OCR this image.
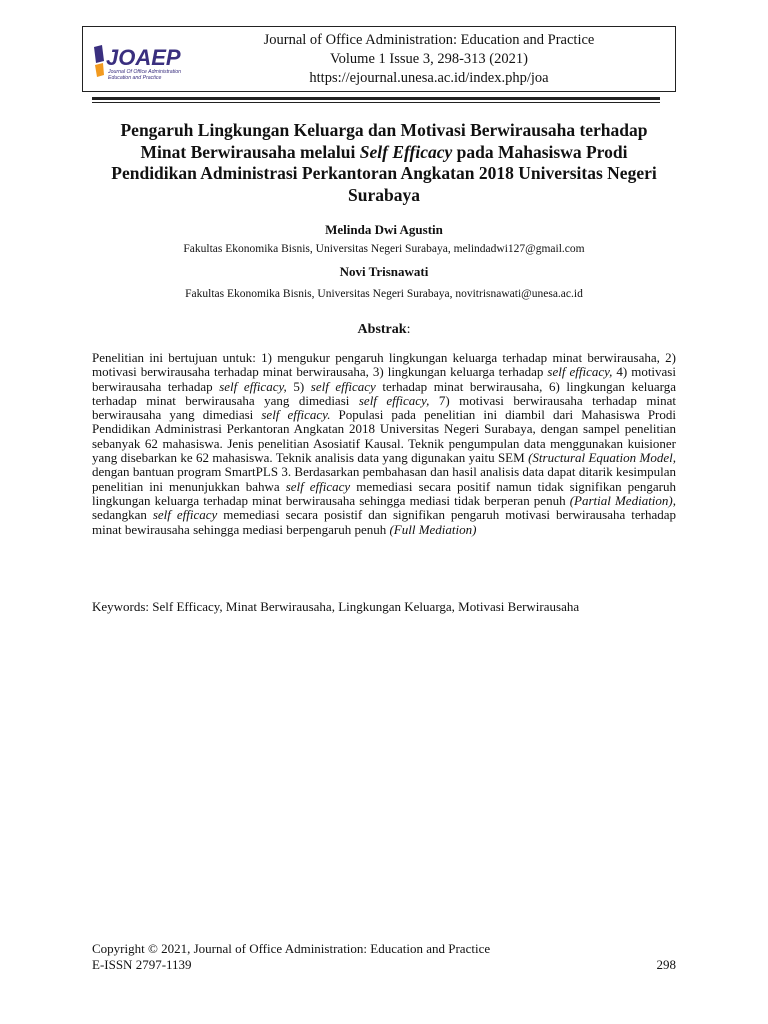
JOAEP
Journal Of Office Administration
Education and Practice
Journal of Office Administration: Education and Practice
Volume 1 Issue 3, 298-313 (2021)
https://ejournal.unesa.ac.id/index.php/joa
Pengaruh Lingkungan Keluarga dan Motivasi Berwirausaha terhadap Minat Berwirausaha melalui Self Efficacy pada Mahasiswa Prodi Pendidikan Administrasi Perkantoran Angkatan 2018 Universitas Negeri Surabaya
Melinda Dwi Agustin
Fakultas Ekonomika Bisnis, Universitas Negeri Surabaya, melindadwi127@gmail.com
Novi Trisnawati
Fakultas Ekonomika Bisnis, Universitas Negeri Surabaya, novitrisnawati@unesa.ac.id
Abstrak:
Penelitian ini bertujuan untuk: 1) mengukur pengaruh lingkungan keluarga terhadap minat berwirausaha, 2) motivasi berwirausaha terhadap minat berwirausaha, 3) lingkungan keluarga terhadap self efficacy, 4) motivasi berwirausaha terhadap self efficacy, 5) self efficacy terhadap minat berwirausaha, 6) lingkungan keluarga terhadap minat berwirausaha yang dimediasi self efficacy, 7) motivasi berwirausaha terhadap minat berwirausaha yang dimediasi self efficacy. Populasi pada penelitian ini diambil dari Mahasiswa Prodi Pendidikan Administrasi Perkantoran Angkatan 2018 Universitas Negeri Surabaya, dengan sampel penelitian sebanyak 62 mahasiswa. Jenis penelitian Asosiatif Kausal. Teknik pengumpulan data menggunakan kuisioner yang disebarkan ke 62 mahasiswa. Teknik analisis data yang digunakan yaitu SEM (Structural Equation Model, dengan bantuan program SmartPLS 3. Berdasarkan pembahasan dan hasil analisis data dapat ditarik kesimpulan penelitian ini menunjukkan bahwa self efficacy memediasi secara positif namun tidak signifikan pengaruh lingkungan keluarga terhadap minat berwirausaha sehingga mediasi tidak berperan penuh (Partial Mediation), sedangkan self efficacy memediasi secara posistif dan signifikan pengaruh motivasi berwirausaha terhadap minat bewirausaha sehingga mediasi berpengaruh penuh (Full Mediation)
Keywords: Self Efficacy, Minat Berwirausaha, Lingkungan Keluarga, Motivasi Berwirausaha
Copyright © 2021, Journal of Office Administration: Education and Practice
E-ISSN 2797-1139	298
